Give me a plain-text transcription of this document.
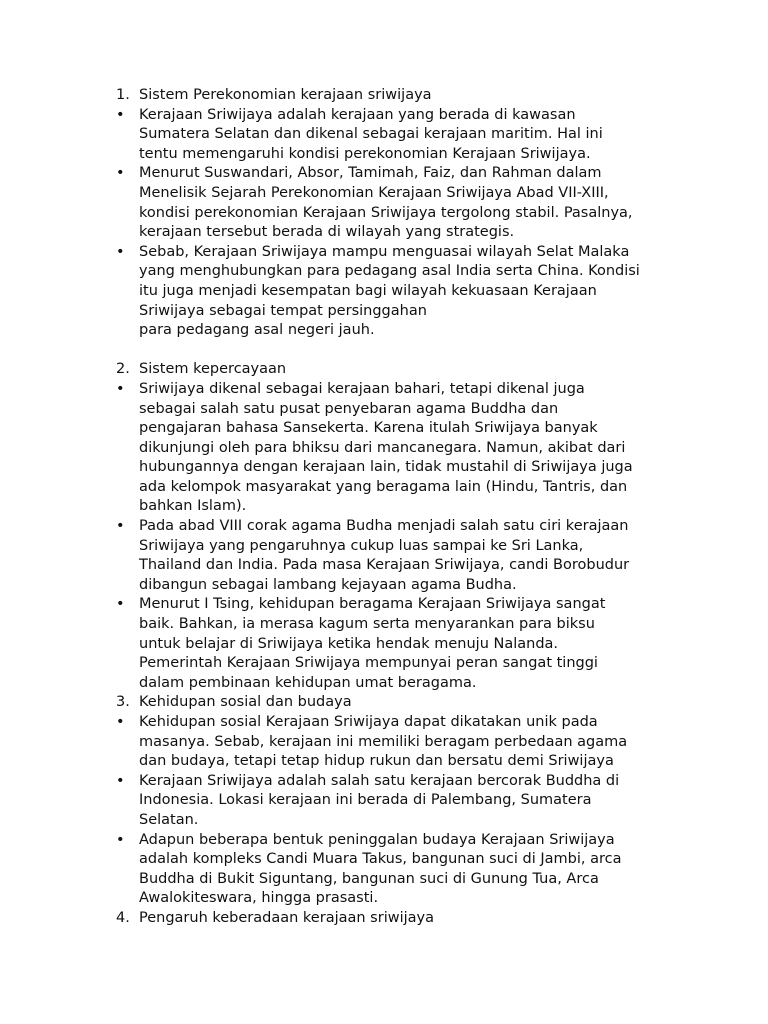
1. Sistem Perekonomian kerajaan sriwijaya
• Kerajaan Sriwijaya adalah kerajaan yang berada di kawasan
Sumatera Selatan dan dikenal sebagai kerajaan maritim. Hal ini
tentu memengaruhi kondisi perekonomian Kerajaan Sriwijaya.
• Menurut Suswandari, Absor, Tamimah, Faiz, dan Rahman dalam
Menelisik Sejarah Perekonomian Kerajaan Sriwijaya Abad VII-XIII,
kondisi perekonomian Kerajaan Sriwijaya tergolong stabil. Pasalnya,
kerajaan tersebut berada di wilayah yang strategis.
• Sebab, Kerajaan Sriwijaya mampu menguasai wilayah Selat Malaka
yang menghubungkan para pedagang asal India serta China. Kondisi
itu juga menjadi kesempatan bagi wilayah kekuasaan Kerajaan
Sriwijaya sebagai tempat persinggahan
para pedagang asal negeri jauh.
2. Sistem kepercayaan
• Sriwijaya dikenal sebagai kerajaan bahari, tetapi dikenal juga
sebagai salah satu pusat penyebaran agama Buddha dan
pengajaran bahasa Sansekerta. Karena itulah Sriwijaya banyak
dikunjungi oleh para bhiksu dari mancanegara. Namun, akibat dari
hubungannya dengan kerajaan lain, tidak mustahil di Sriwijaya juga
ada kelompok masyarakat yang beragama lain (Hindu, Tantris, dan
bahkan Islam).
• Pada abad VIII corak agama Budha menjadi salah satu ciri kerajaan
Sriwijaya yang pengaruhnya cukup luas sampai ke Sri Lanka,
Thailand dan India. Pada masa Kerajaan Sriwijaya, candi Borobudur
dibangun sebagai lambang kejayaan agama Budha.
• Menurut I Tsing, kehidupan beragama Kerajaan Sriwijaya sangat
baik. Bahkan, ia merasa kagum serta menyarankan para biksu
untuk belajar di Sriwijaya ketika hendak menuju Nalanda.
Pemerintah Kerajaan Sriwijaya mempunyai peran sangat tinggi
dalam pembinaan kehidupan umat beragama.
3. Kehidupan sosial dan budaya
• Kehidupan sosial Kerajaan Sriwijaya dapat dikatakan unik pada
masanya. Sebab, kerajaan ini memiliki beragam perbedaan agama
dan budaya, tetapi tetap hidup rukun dan bersatu demi Sriwijaya
• Kerajaan Sriwijaya adalah salah satu kerajaan bercorak Buddha di
Indonesia. Lokasi kerajaan ini berada di Palembang, Sumatera
Selatan.
• Adapun beberapa bentuk peninggalan budaya Kerajaan Sriwijaya
adalah kompleks Candi Muara Takus, bangunan suci di Jambi, arca
Buddha di Bukit Siguntang, bangunan suci di Gunung Tua, Arca
Awalokiteswara, hingga prasasti.
4. Pengaruh keberadaan kerajaan sriwijaya
